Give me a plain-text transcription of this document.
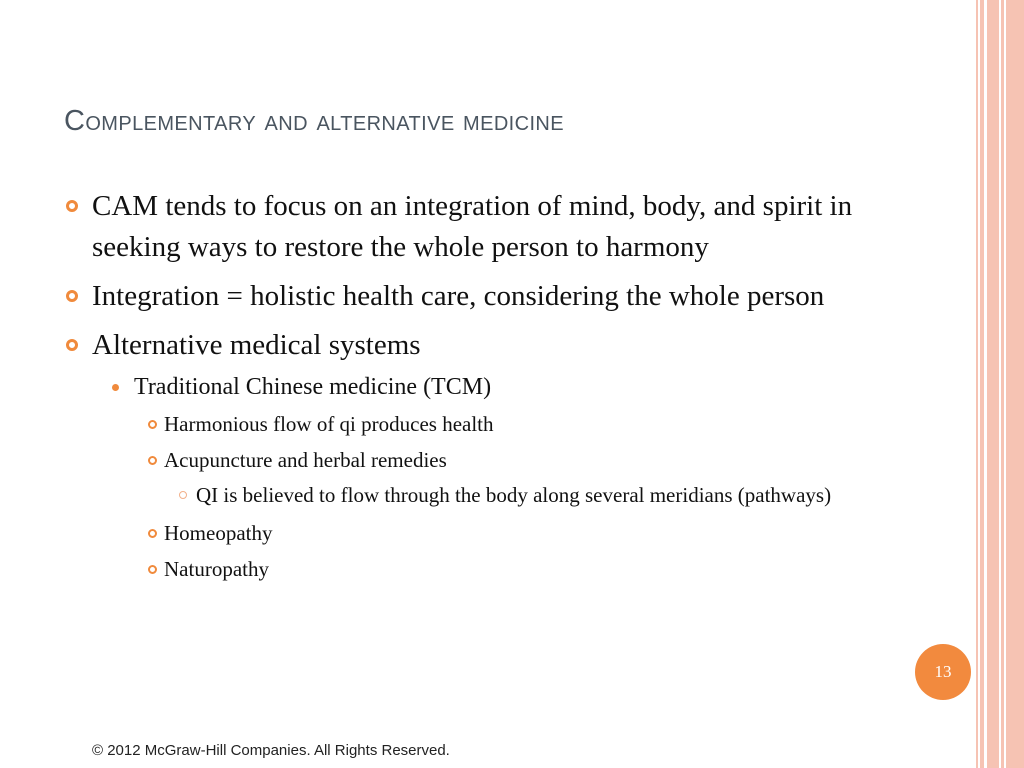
Complementary and alternative medicine
CAM tends to focus on an integration of mind, body, and spirit in seeking ways to restore the whole person to harmony
Integration = holistic health care, considering the whole person
Alternative medical systems
Traditional Chinese medicine (TCM)
Harmonious flow of qi produces health
Acupuncture and herbal remedies
QI is believed to flow through the body along several meridians (pathways)
Homeopathy
Naturopathy
13
© 2012 McGraw-Hill Companies. All Rights Reserved.
